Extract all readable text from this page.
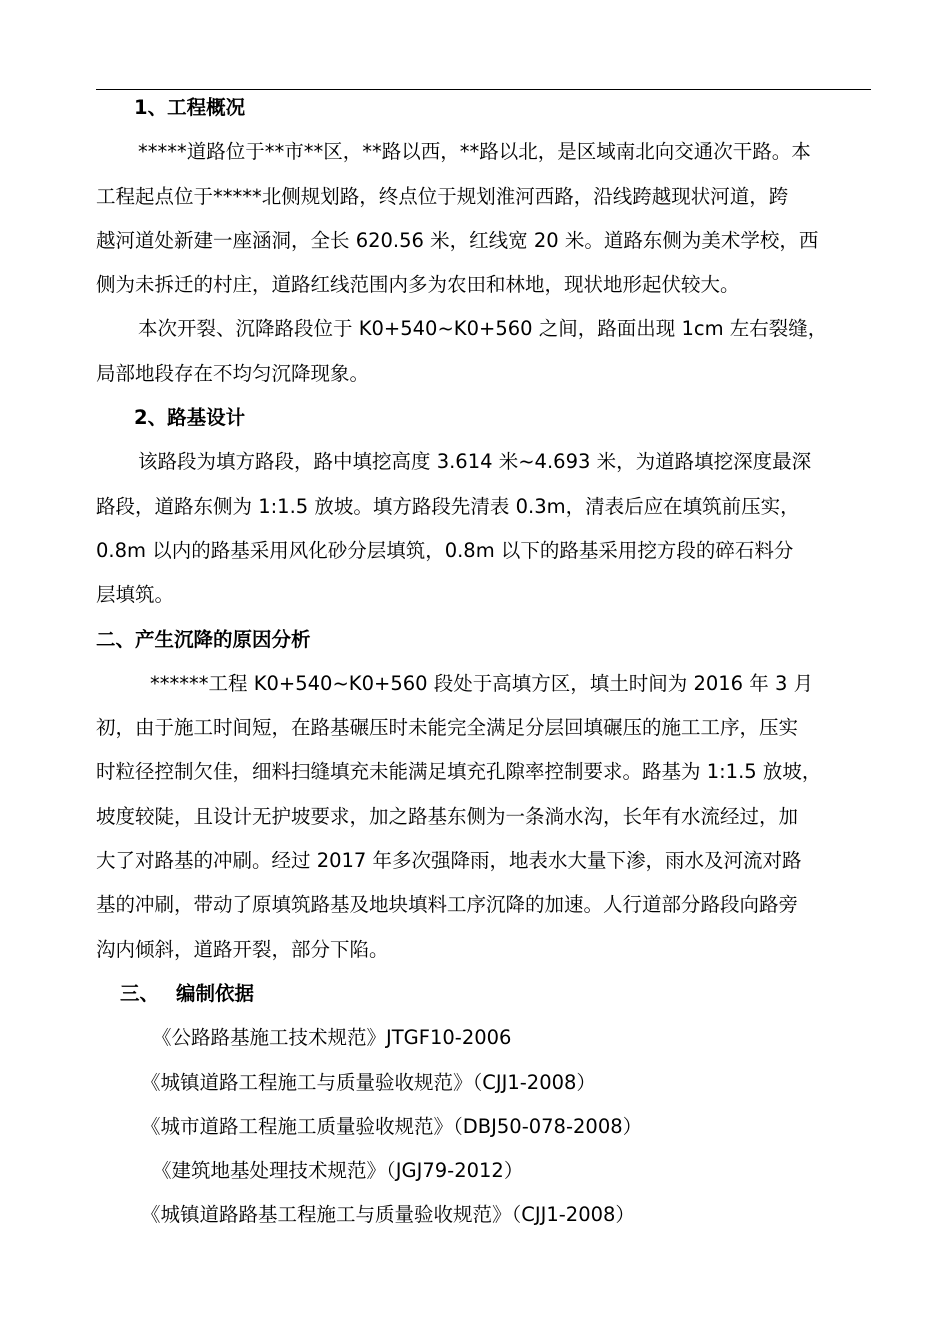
1、工程概况

*****道路位于**市**区，**路以西，**路以北，是区域南北向交通次干路。本

工程起点位于*****北侧规划路，终点位于规划淮河西路，沿线跨越现状河道，跨

越河道处新建一座涵洞，全长 620.56 米，红线宽 20 米。道路东侧为美术学校，西

侧为未拆迁的村庄，道路红线范围内多为农田和林地，现状地形起伏较大。

本次开裂、沉降路段位于 K0+540~K0+560 之间，路面出现 1cm 左右裂缝，

局部地段存在不均匀沉降现象。

2、路基设计

该路段为填方路段，路中填挖高度 3.614 米~4.693 米，为道路填挖深度最深

路段，道路东侧为 1:1.5 放坡。填方路段先清表 0.3m，清表后应在填筑前压实，

0.8m 以内的路基采用风化砂分层填筑，0.8m 以下的路基采用挖方段的碎石料分

层填筑。

二、产生沉降的原因分析

******工程 K0+540~K0+560 段处于高填方区，填土时间为 2016 年 3 月

初，由于施工时间短，在路基碾压时未能完全满足分层回填碾压的施工工序，压实

时粒径控制欠佳，细料扫缝填充未能满足填充孔隙率控制要求。路基为 1:1.5 放坡，

坡度较陡，且设计无护坡要求，加之路基东侧为一条淌水沟，长年有水流经过，加

大了对路基的冲刷。经过 2017 年多次强降雨，地表水大量下渗，雨水及河流对路

基的冲刷，带动了原填筑路基及地块填料工序沉降的加速。人行道部分路段向路旁

沟内倾斜，道路开裂，部分下陷。

三、 编制依据

《公路路基施工技术规范》JTGF10-2006

《城镇道路工程施工与质量验收规范》（CJJ1-2008）

《城市道路工程施工质量验收规范》（DBJ50-078-2008）

《建筑地基处理技术规范》（JGJ79-2012）

《城镇道路路基工程施工与质量验收规范》（CJJ1-2008）
